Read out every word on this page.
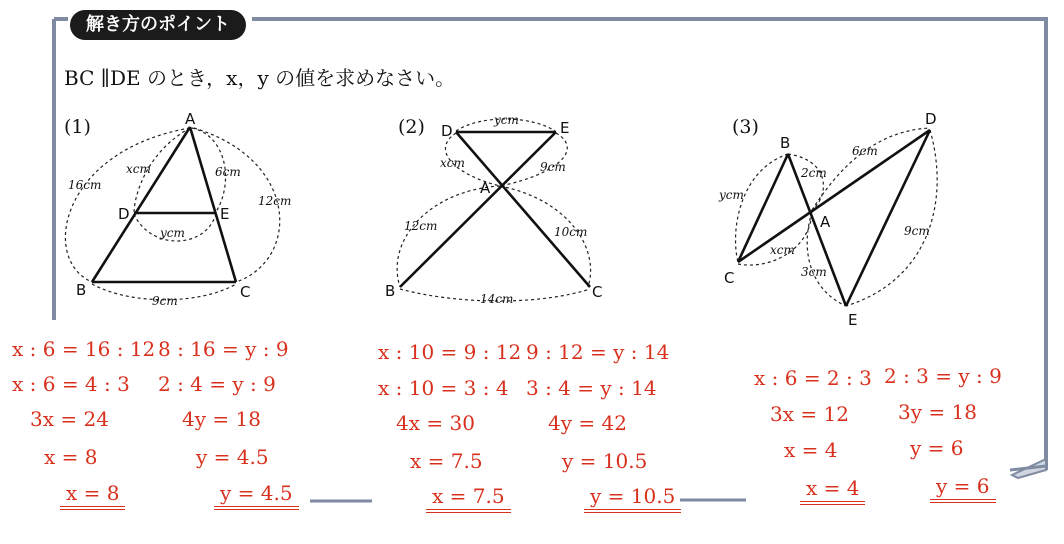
解き方のポイント
BC ∥DE のとき，x，y の値を求めなさい。
(1)	(2)	(3)
A
D	E
B	C
xcm	6cm
16cm
12cm
ycm
9cm
D	E
A
B	C
ycm
xcm	9cm
12cm	10cm
14cm
B
D
A
C
E
2cm
6cm
ycm
xcm
3cm
9cm
x : 6 = 16 : 12
x : 6 = 4 : 3
3x = 24
x = 8
x = 8
8 : 16 = y : 9
2 : 4 = y : 9
4y = 18
y = 4.5
y = 4.5
x : 10 = 9 : 12
x : 10 = 3 : 4
4x = 30
x = 7.5
x = 7.5
9 : 12 = y : 14
3 : 4 = y : 14
4y = 42
y = 10.5
y = 10.5
x : 6 = 2 : 3
3x = 12
x = 4
x = 4
2 : 3 = y : 9
3y = 18
y = 6
y = 6
